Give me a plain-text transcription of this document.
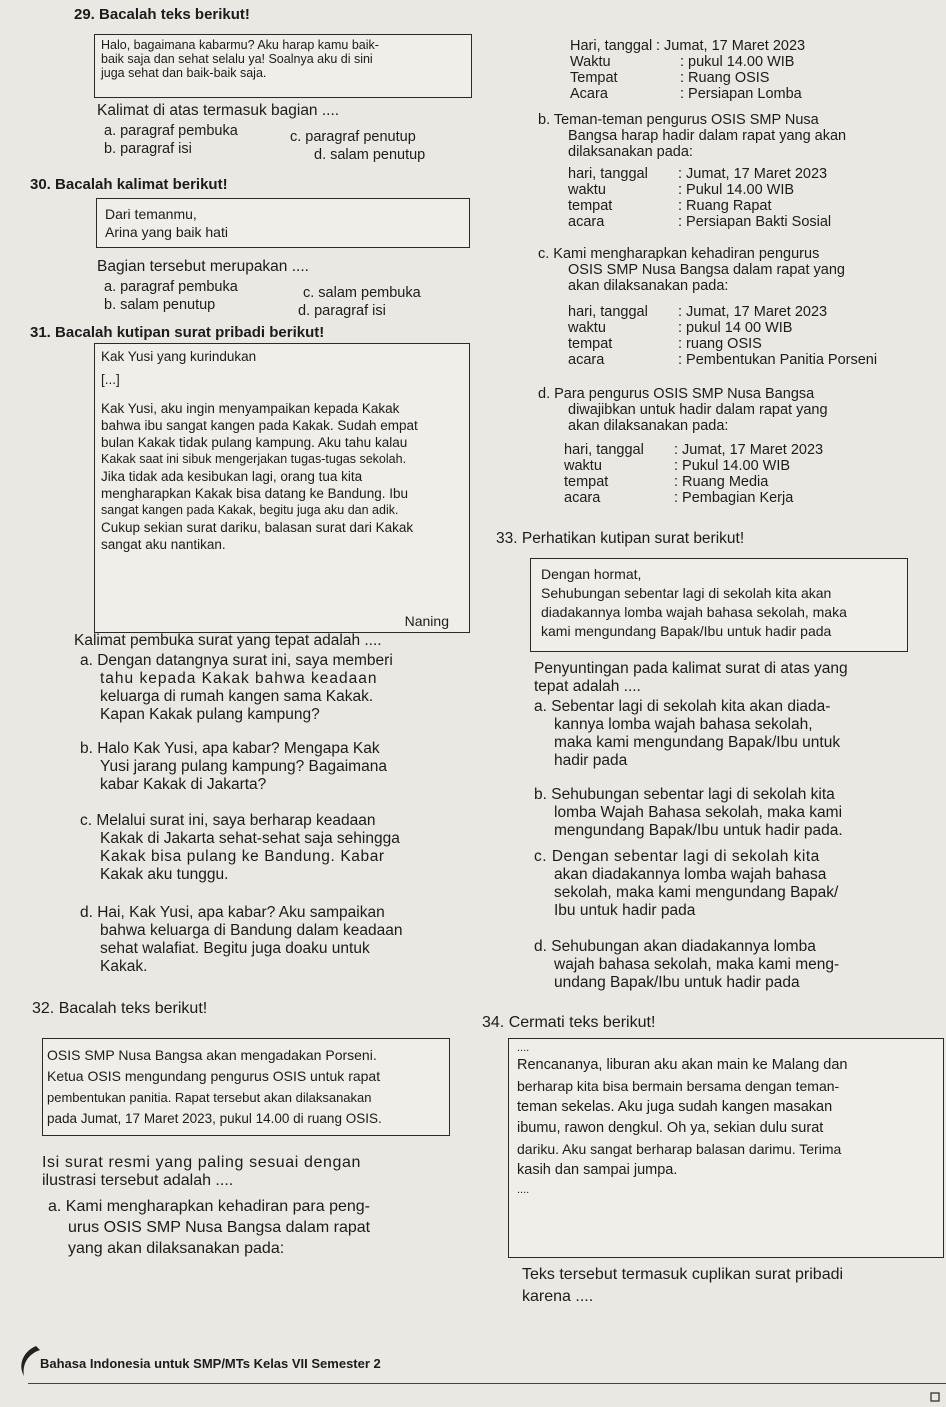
29. Bacalah teks berikut!

Halo, bagaimana kabarmu? Aku harap kamu baik-

baik saja dan sehat selalu ya! Soalnya aku di sini

juga sehat dan baik-baik saja.

Kalimat di atas termasuk bagian ....
a. paragraf pembuka	c. paragraf penutup
b. paragraf isi	d. salam penutup
30. Bacalah kalimat berikut!

Dari temanmu,

Arina yang baik hati

Bagian tersebut merupakan ....
a. paragraf pembuka	c. salam pembuka
b. salam penutup	d. paragraf isi
31. Bacalah kutipan surat pribadi berikut!

Kak Yusi yang kurindukan

[...]

Kak Yusi, aku ingin menyampaikan kepada Kakak

bahwa ibu sangat kangen pada Kakak. Sudah empat

bulan Kakak tidak pulang kampung. Aku tahu kalau

Kakak saat ini sibuk mengerjakan tugas-tugas sekolah.

Jika tidak ada kesibukan lagi, orang tua kita

mengharapkan Kakak bisa datang ke Bandung. Ibu

sangat kangen pada Kakak, begitu juga aku dan adik.

Cukup sekian surat dariku, balasan surat dari Kakak

sangat aku nantikan.

Naning
Kalimat pembuka surat yang tepat adalah ....

a. Dengan datangnya surat ini, saya memberi

tahu kepada Kakak bahwa keadaan

keluarga di rumah kangen sama Kakak.

Kapan Kakak pulang kampung?

b. Halo Kak Yusi, apa kabar? Mengapa Kak

Yusi jarang pulang kampung? Bagaimana

kabar Kakak di Jakarta?

c. Melalui surat ini, saya berharap keadaan

Kakak di Jakarta sehat-sehat saja sehingga

Kakak bisa pulang ke Bandung. Kabar

Kakak aku tunggu.

d. Hai, Kak Yusi, apa kabar? Aku sampaikan

bahwa keluarga di Bandung dalam keadaan

sehat walafiat. Begitu juga doaku untuk

Kakak.

32. Bacalah teks berikut!

OSIS SMP Nusa Bangsa akan mengadakan Porseni.

Ketua OSIS mengundang pengurus OSIS untuk rapat

pembentukan panitia. Rapat tersebut akan dilaksanakan

pada Jumat, 17 Maret 2023, pukul 14.00 di ruang OSIS.

Isi surat resmi yang paling sesuai dengan

ilustrasi tersebut adalah ....

a. Kami mengharapkan kehadiran para peng-

urus OSIS SMP Nusa Bangsa dalam rapat

yang akan dilaksanakan pada:

Bahasa Indonesia untuk SMP/MTs Kelas VII Semester 2

Hari, tanggal : Jumat, 17 Maret 2023

Waktu	: pukul 14.00 WIB

Tempat	: Ruang OSIS

Acara	: Persiapan Lomba

b. Teman-teman pengurus OSIS SMP Nusa

Bangsa harap hadir dalam rapat yang akan

dilaksanakan pada:

hari, tanggal : Jumat, 17 Maret 2023

waktu	: Pukul 14.00 WIB

tempat	: Ruang Rapat

acara	: Persiapan Bakti Sosial

c. Kami mengharapkan kehadiran pengurus

OSIS SMP Nusa Bangsa dalam rapat yang

akan dilaksanakan pada:

hari, tanggal : Jumat, 17 Maret 2023

waktu	: pukul 14 00 WIB

tempat	: ruang OSIS

acara	: Pembentukan Panitia Porseni

d. Para pengurus OSIS SMP Nusa Bangsa

diwajibkan untuk hadir dalam rapat yang

akan dilaksanakan pada:

hari, tanggal : Jumat, 17 Maret 2023

waktu	: Pukul 14.00 WIB

tempat	: Ruang Media

acara	: Pembagian Kerja

33. Perhatikan kutipan surat berikut!

Dengan hormat,

Sehubungan sebentar lagi di sekolah kita akan

diadakannya lomba wajah bahasa sekolah, maka

kami mengundang Bapak/Ibu untuk hadir pada

Penyuntingan pada kalimat surat di atas yang

tepat adalah ....

a. Sebentar lagi di sekolah kita akan diada-

kannya lomba wajah bahasa sekolah,

maka kami mengundang Bapak/Ibu untuk

hadir pada

b. Sehubungan sebentar lagi di sekolah kita

lomba Wajah Bahasa sekolah, maka kami

mengundang Bapak/Ibu untuk hadir pada.

c. Dengan sebentar lagi di sekolah kita

akan diadakannya lomba wajah bahasa

sekolah, maka kami mengundang Bapak/

Ibu untuk hadir pada

d. Sehubungan akan diadakannya lomba

wajah bahasa sekolah, maka kami meng-

undang Bapak/Ibu untuk hadir pada

34. Cermati teks berikut!

....

Rencananya, liburan aku akan main ke Malang dan

berharap kita bisa bermain bersama dengan teman-

teman sekelas. Aku juga sudah kangen masakan

ibumu, rawon dengkul. Oh ya, sekian dulu surat

dariku. Aku sangat berharap balasan darimu. Terima

kasih dan sampai jumpa.

....

Teks tersebut termasuk cuplikan surat pribadi

karena ....
